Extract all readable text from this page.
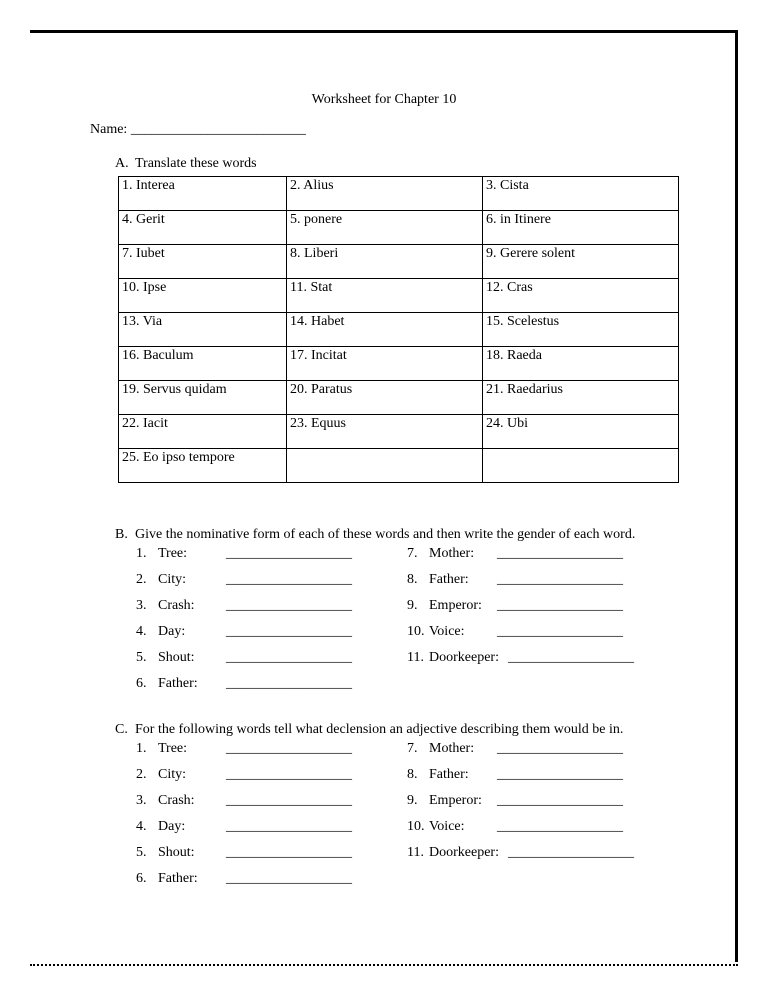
Worksheet for Chapter 10
Name: _________________________
A. Translate these words
1. Interea	2. Alius	3. Cista
4. Gerit	5. ponere	6. in Itinere
7. Iubet	8. Liberi	9. Gerere solent
10. Ipse	11. Stat	12. Cras
13. Via	14. Habet	15. Scelestus
16. Baculum	17. Incitat	18. Raeda
19. Servus quidam	20. Paratus	21. Raedarius
22. Iacit	23. Equus	24. Ubi
25. Eo ipso tempore		
B. Give the nominative form of each of these words and then write the gender of each word.
1. Tree:	__________________
2. City:	__________________
3. Crash: __________________
4. Day:	__________________
5. Shout: __________________
6. Father: __________________
7. Mother: __________________
8. Father: __________________
9. Emperor: __________________
10. Voice: __________________
11. Doorkeeper: __________________
C. For the following words tell what declension an adjective describing them would be in.
1. Tree:	__________________
2. City:	__________________
3. Crash: __________________
4. Day:	__________________
5. Shout: __________________
6. Father: __________________
7. Mother: __________________
8. Father: __________________
9. Emperor: __________________
10. Voice: __________________
11. Doorkeeper: __________________
